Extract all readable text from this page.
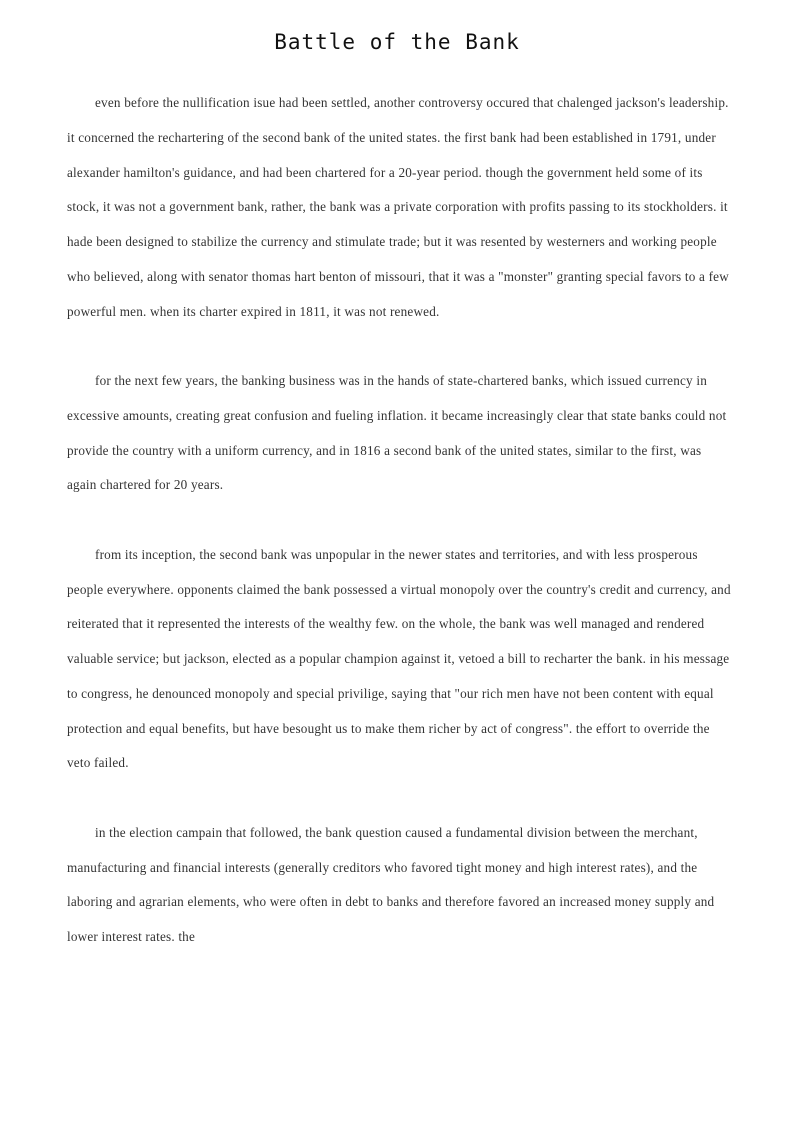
Battle of the Bank

even before the nullification isue had been settled, another controversy occured that chalenged jackson's leadership. it concerned the rechartering of the second bank of the united states. the first bank had been established in 1791, under alexander hamilton's guidance, and had been chartered for a 20-year period. though the government held some of its stock, it was not a government bank, rather, the bank was a private corporation with profits passing to its stockholders. it hade been designed to stabilize the currency and stimulate trade; but it was resented by westerners and working people who believed, along with senator thomas hart benton of missouri, that it was a "monster" granting special favors to a few powerful men. when its charter expired in 1811, it was not renewed.

for the next few years, the banking business was in the hands of state-chartered banks, which issued currency in excessive amounts, creating great confusion and fueling inflation. it became increasingly clear that state banks could not provide the country with a uniform currency, and in 1816 a second bank of the united states, similar to the first, was again chartered for 20 years.

from its inception, the second bank was unpopular in the newer states and territories, and with less prosperous people everywhere. opponents claimed the bank possessed a virtual monopoly over the country's credit and currency, and reiterated that it represented the interests of the wealthy few. on the whole, the bank was well managed and rendered valuable service; but jackson, elected as a popular champion against it, vetoed a bill to recharter the bank. in his message to congress, he denounced monopoly and special privilige, saying that "our rich men have not been content with equal protection and equal benefits, but have besought us to make them richer by act of congress". the effort to override the veto failed.

in the election campain that followed, the bank question caused a fundamental division between the merchant, manufacturing and financial interests (generally creditors who favored tight money and high interest rates), and the laboring and agrarian elements, who were often in debt to banks and therefore favored an increased money supply and lower interest rates. the
